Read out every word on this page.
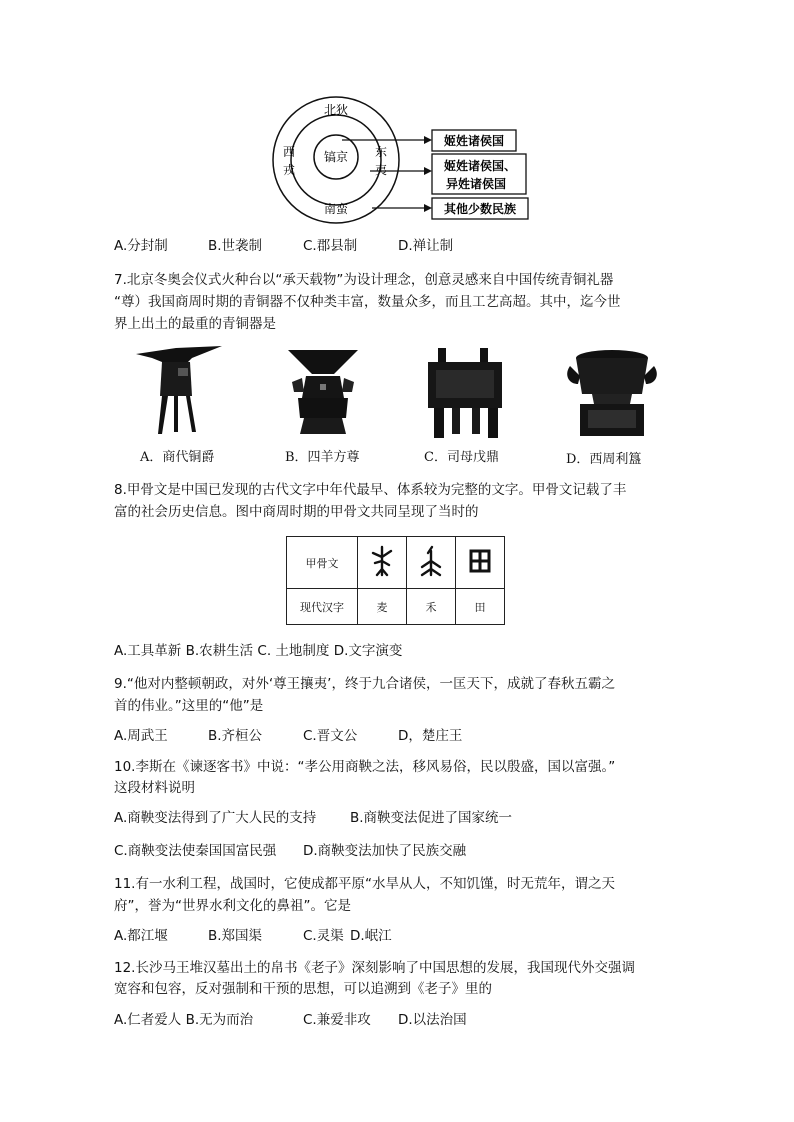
北狄
西
戎
东
夷
南蛮
镐京
姬姓诸侯国
姬姓诸侯国、
异姓诸侯国
其他少数民族
A.分封制	B.世袭制	C.郡县制	D.禅让制
7.北京冬奥会仪式火种台以“承天载物”为设计理念，创意灵感来自中国传统青铜礼器
“尊）我国商周时期的青铜器不仅种类丰富，数量众多，而且工艺高超。其中，迄今世
界上出土的最重的青铜器是
A．商代铜爵	B．四羊方尊	C．司母戊鼎	D．西周利簋
8.甲骨文是中国已发现的古代文字中年代最早、体系较为完整的文字。甲骨文记载了丰
富的社会历史信息。图中商周时期的甲骨文共同呈现了当时的
甲骨文			
现代汉字	麦	禾	田
A.工具革新 B.农耕生活 C. 土地制度 D.文字演变
9.“他对内整顿朝政，对外‘尊王攘夷’，终于九合诸侯，一匡天下，成就了春秋五霸之
首的伟业。”这里的“他”是
A.周武王	B.齐桓公	C.晋文公	D，楚庄王
10.李斯在《谏逐客书》中说：“孝公用商鞅之法，移风易俗，民以殷盛，国以富强。”
这段材料说明
A.商鞅变法得到了广大人民的支持 B.商鞅变法促进了国家统一
C.商鞅变法使秦国国富民强 D.商鞅变法加快了民族交融
11.有一水利工程，战国时，它使成都平原“水旱从人，不知饥馑，时无荒年，谓之天
府”，誉为“世界水利文化的鼻祖”。它是
A.都江堰	B.郑国渠	C.灵渠 D.岷江
12.长沙马王堆汉墓出土的帛书《老子》深刻影响了中国思想的发展，我国现代外交强调
宽容和包容，反对强制和干预的思想，可以追溯到《老子》里的
A.仁者爱人 B.无为而治	C.兼爱非攻 D.以法治国
